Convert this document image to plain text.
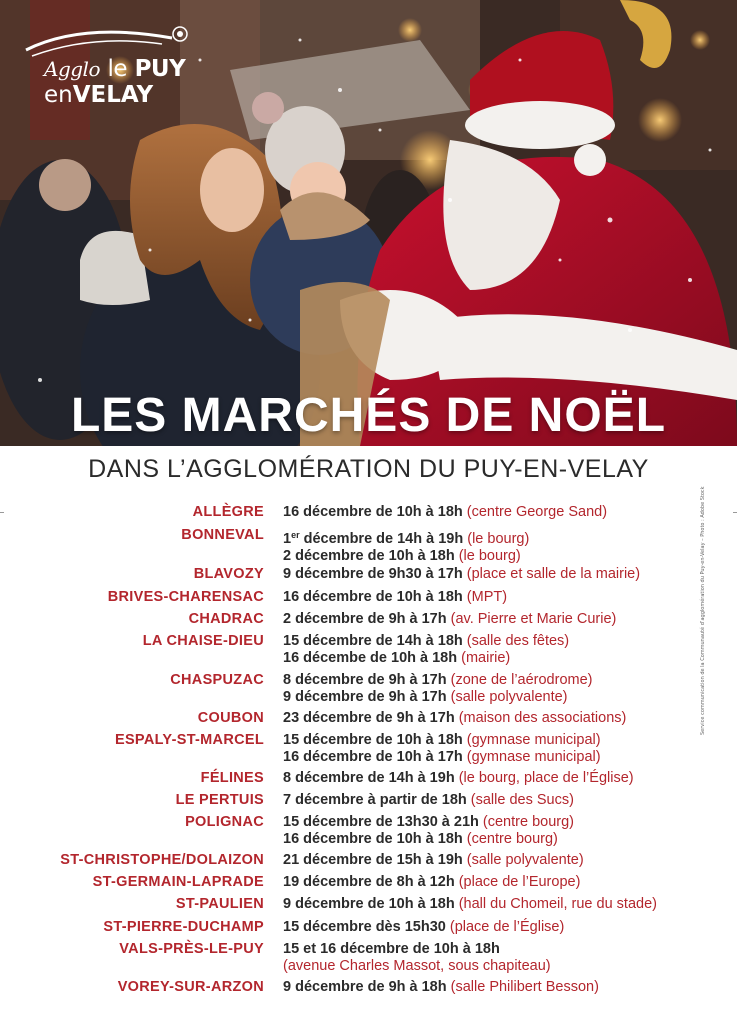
Agglo le PUY
enVELAY
LES MARCHÉS DE NOËL
DANS L’AGGLOMÉRATION DU PUY-EN-VELAY
Service communication de la Communauté d’agglomération du Puy-en-Velay – Photo : Adobe Stock
ALLÈGRE 16 décembre de 10h à 18h (centre George Sand)
BONNEVAL 1er décembre de 14h à 19h (le bourg)
2 décembre de 10h à 18h (le bourg)
BLAVOZY 9 décembre de 9h30 à 17h (place et salle de la mairie)
BRIVES-CHARENSAC 16 décembre de 10h à 18h (MPT)
CHADRAC 2 décembre de 9h à 17h (av. Pierre et Marie Curie)
LA CHAISE-DIEU 15 décembre de 14h à 18h (salle des fêtes)
16 décembe de 10h à 18h (mairie)
CHASPUZAC 8 décembre de 9h à 17h (zone de l’aérodrome)
9 décembre de 9h à 17h (salle polyvalente)
COUBON 23 décembre de 9h à 17h (maison des associations)
ESPALY-ST-MARCEL 15 décembre de 10h à 18h (gymnase municipal)
16 décembre de 10h à 17h (gymnase municipal)
FÉLINES 8 décembre de 14h à 19h (le bourg, place de l’Église)
LE PERTUIS 7 décembre à partir de 18h (salle des Sucs)
POLIGNAC 15 décembre de 13h30 à 21h (centre bourg)
16 décembre de 10h à 18h (centre bourg)
ST-CHRISTOPHE/DOLAIZON 21 décembre de 15h à 19h (salle polyvalente)
ST-GERMAIN-LAPRADE 19 décembre de 8h à 12h (place de l’Europe)
ST-PAULIEN 9 décembre de 10h à 18h (hall du Chomeil, rue du stade)
ST-PIERRE-DUCHAMP 15 décembre dès 15h30 (place de l’Église)
VALS-PRÈS-LE-PUY 15 et 16 décembre de 10h à 18h
(avenue Charles Massot, sous chapiteau)
VOREY-SUR-ARZON 9 décembre de 9h à 18h (salle Philibert Besson)
